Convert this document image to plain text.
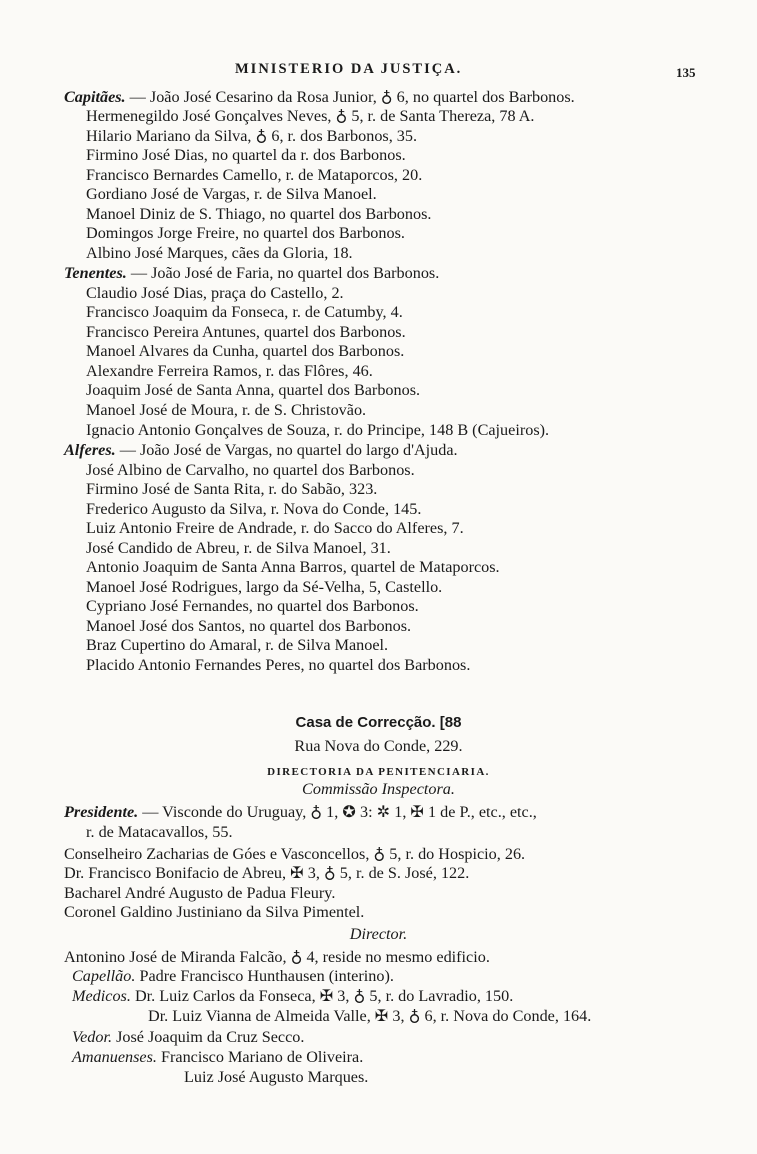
MINISTERIO DA JUSTIÇA.	135
Capitães. — João José Cesarino da Rosa Junior, ♁ 6, no quartel dos Barbonos.
Hermenegildo José Gonçalves Neves, ♁ 5, r. de Santa Thereza, 78 A.
Hilario Mariano da Silva, ♁ 6, r. dos Barbonos, 35.
Firmino José Dias, no quartel da r. dos Barbonos.
Francisco Bernardes Camello, r. de Mataporcos, 20.
Gordiano José de Vargas, r. de Silva Manoel.
Manoel Diniz de S. Thiago, no quartel dos Barbonos.
Domingos Jorge Freire, no quartel dos Barbonos.
Albino José Marques, cães da Gloria, 18.
Tenentes. — João José de Faria, no quartel dos Barbonos.
Claudio José Dias, praça do Castello, 2.
Francisco Joaquim da Fonseca, r. de Catumby, 4.
Francisco Pereira Antunes, quartel dos Barbonos.
Manoel Alvares da Cunha, quartel dos Barbonos.
Alexandre Ferreira Ramos, r. das Flôres, 46.
Joaquim José de Santa Anna, quartel dos Barbonos.
Manoel José de Moura, r. de S. Christovão.
Ignacio Antonio Gonçalves de Souza, r. do Principe, 148 B (Cajueiros).
Alferes. — João José de Vargas, no quartel do largo d'Ajuda.
José Albino de Carvalho, no quartel dos Barbonos.
Firmino José de Santa Rita, r. do Sabão, 323.
Frederico Augusto da Silva, r. Nova do Conde, 145.
Luiz Antonio Freire de Andrade, r. do Sacco do Alferes, 7.
José Candido de Abreu, r. de Silva Manoel, 31.
Antonio Joaquim de Santa Anna Barros, quartel de Mataporcos.
Manoel José Rodrigues, largo da Sé-Velha, 5, Castello.
Cypriano José Fernandes, no quartel dos Barbonos.
Manoel José dos Santos, no quartel dos Barbonos.
Braz Cupertino do Amaral, r. de Silva Manoel.
Placido Antonio Fernandes Peres, no quartel dos Barbonos.
Casa de Correcção. [88
Rua Nova do Conde, 229.
DIRECTORIA DA PENITENCIARIA.
Commissão Inspectora.
Presidente. — Visconde do Uruguay, ♁ 1, ✪ 3: ✲ 1, ✠ 1 de P., etc., etc.,
r. de Matacavallos, 55.
Conselheiro Zacharias de Góes e Vasconcellos, ♁ 5, r. do Hospicio, 26.
Dr. Francisco Bonifacio de Abreu, ✠ 3, ♁ 5, r. de S. José, 122.
Bacharel André Augusto de Padua Fleury.
Coronel Galdino Justiniano da Silva Pimentel.
Director.
Antonino José de Miranda Falcão, ♁ 4, reside no mesmo edificio.
Capellão. Padre Francisco Hunthausen (interino).
Medicos. Dr. Luiz Carlos da Fonseca, ✠ 3, ♁ 5, r. do Lavradio, 150.
Dr. Luiz Vianna de Almeida Valle, ✠ 3, ♁ 6, r. Nova do Conde, 164.
Vedor. José Joaquim da Cruz Secco.
Amanuenses. Francisco Mariano de Oliveira.
Luiz José Augusto Marques.
